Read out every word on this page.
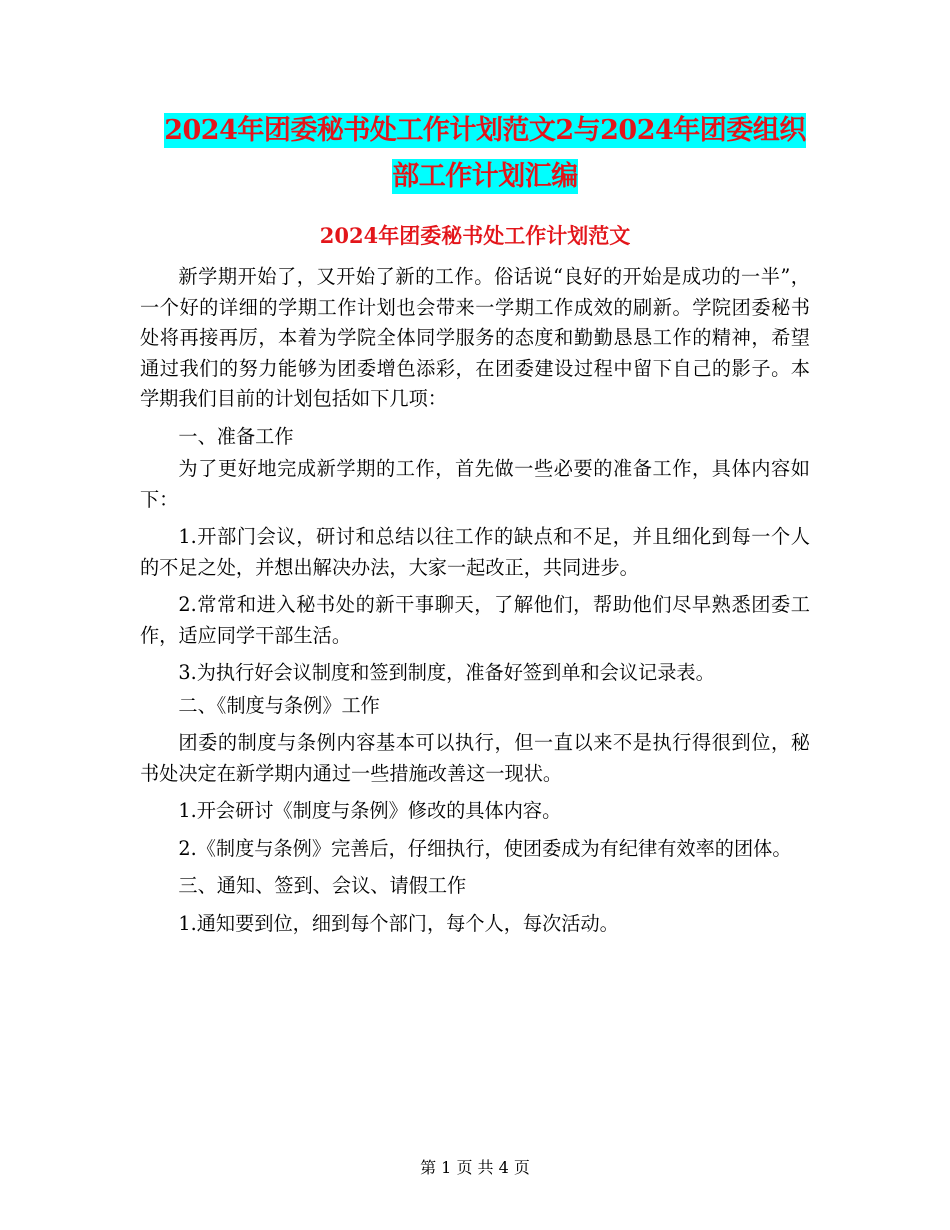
2024年团委秘书处工作计划范文2与2024年团委组织
部工作计划汇编
2024年团委秘书处工作计划范文

新学期开始了，又开始了新的工作。俗话说“良好的开始是成功的一半”，一个好的详细的学期工作计划也会带来一学期工作成效的刷新。学院团委秘书处将再接再厉，本着为学院全体同学服务的态度和勤勤恳恳工作的精神，希望通过我们的努力能够为团委增色添彩，在团委建设过程中留下自己的影子。本学期我们目前的计划包括如下几项：

一、准备工作

为了更好地完成新学期的工作，首先做一些必要的准备工作，具体内容如下：

1.开部门会议，研讨和总结以往工作的缺点和不足，并且细化到每一个人的不足之处，并想出解决办法，大家一起改正，共同进步。

2.常常和进入秘书处的新干事聊天，了解他们，帮助他们尽早熟悉团委工作，适应同学干部生活。

3.为执行好会议制度和签到制度，准备好签到单和会议记录表。

二、《制度与条例》工作

团委的制度与条例内容基本可以执行，但一直以来不是执行得很到位，秘书处决定在新学期内通过一些措施改善这一现状。

1.开会研讨《制度与条例》修改的具体内容。

2.《制度与条例》完善后，仔细执行，使团委成为有纪律有效率的团体。

三、通知、签到、会议、请假工作

1.通知要到位，细到每个部门，每个人，每次活动。

第 1 页 共 4 页
